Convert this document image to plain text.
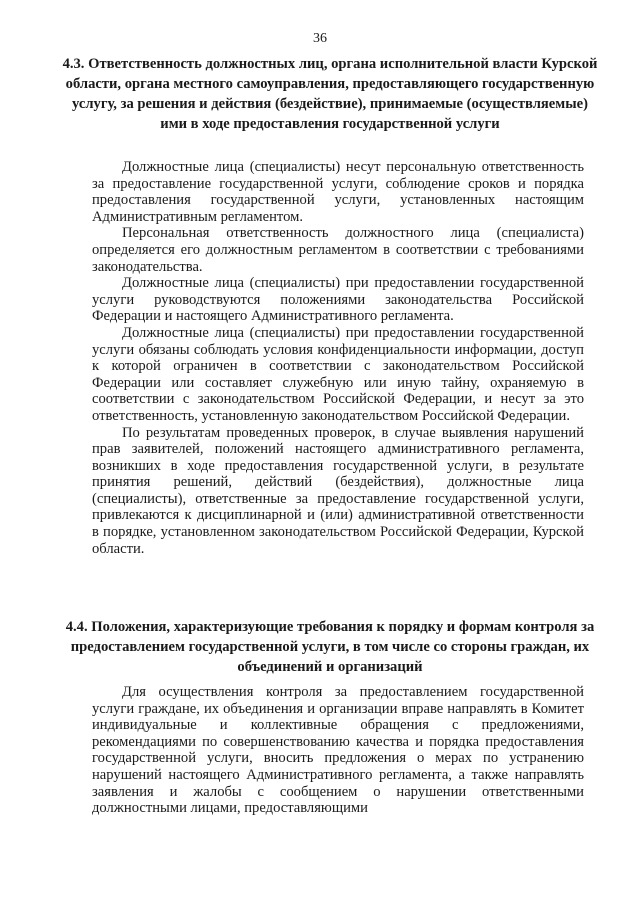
36
4.3. Ответственность должностных лиц, органа исполнительной власти Курской области, органа местного самоуправления, предоставляющего государственную услугу, за решения и действия (бездействие), принимаемые (осуществляемые) ими в ходе предоставления государственной услуги

Должностные лица (специалисты) несут персональную ответственность за предоставление государственной услуги, соблюдение сроков и порядка предоставления государственной услуги, установленных настоящим Административным регламентом.

Персональная ответственность должностного лица (специалиста) определяется его должностным регламентом в соответствии с требованиями законодательства.

Должностные лица (специалисты) при предоставлении государственной услуги руководствуются положениями законодательства Российской Федерации и настоящего Административного регламента.

Должностные лица (специалисты) при предоставлении государственной услуги обязаны соблюдать условия конфиденциальности информации, доступ к которой ограничен в соответствии с законодательством Российской Федерации или составляет служебную или иную тайну, охраняемую в соответствии с законодательством Российской Федерации, и несут за это ответственность, установленную законодательством Российской Федерации.

По результатам проведенных проверок, в случае выявления нарушений прав заявителей, положений настоящего административного регламента, возникших в ходе предоставления государственной услуги, в результате принятия решений, действий (бездействия), должностные лица (специалисты), ответственные за предоставление государственной услуги, привлекаются к дисциплинарной и (или) административной ответственности в порядке, установленном законодательством Российской Федерации, Курской области.

4.4. Положения, характеризующие требования к порядку и формам контроля за предоставлением государственной услуги, в том числе со стороны граждан, их объединений и организаций

Для осуществления контроля за предоставлением государственной услуги граждане, их объединения и организации вправе направлять в Комитет индивидуальные и коллективные обращения с предложениями, рекомендациями по совершенствованию качества и порядка предоставления государственной услуги, вносить предложения о мерах по устранению нарушений настоящего Административного регламента, а также направлять заявления и жалобы с сообщением о нарушении ответственными должностными лицами, предоставляющими
